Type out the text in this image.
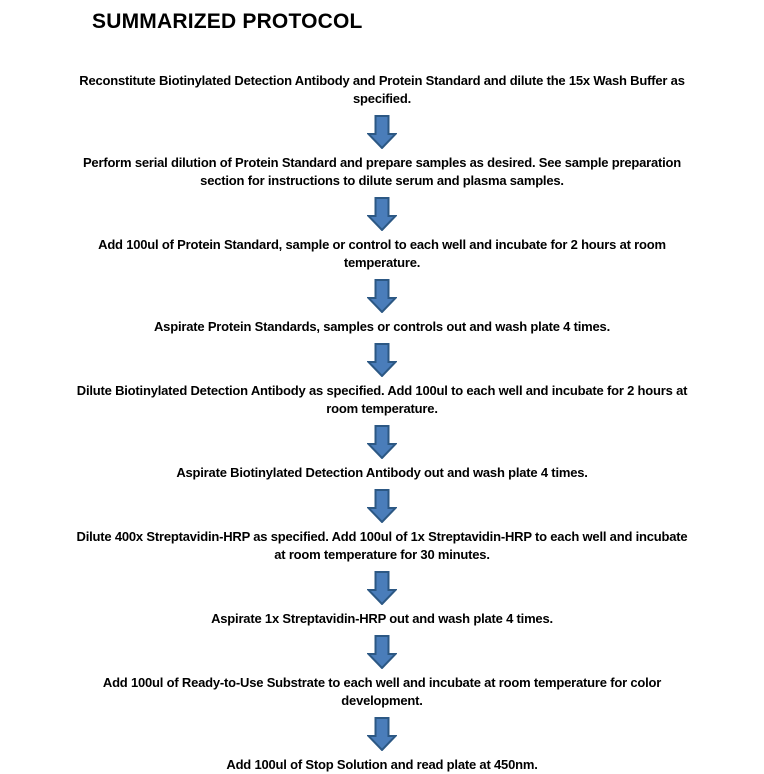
SUMMARIZED PROTOCOL

Reconstitute Biotinylated Detection Antibody and Protein Standard and dilute the 15x Wash Buffer as specified.

Perform serial dilution of Protein Standard and prepare samples as desired. See sample preparation section for instructions to dilute serum and plasma samples.

Add 100ul of Protein Standard, sample or control to each well and incubate for 2 hours at room temperature.

Aspirate Protein Standards, samples or controls out and wash plate 4 times.

Dilute Biotinylated Detection Antibody as specified. Add 100ul to each well and incubate for 2 hours at room temperature.

Aspirate Biotinylated Detection Antibody out and wash plate 4 times.

Dilute 400x Streptavidin-HRP as specified. Add 100ul of 1x Streptavidin-HRP to each well and incubate at room temperature for 30 minutes.

Aspirate 1x Streptavidin-HRP out and wash plate 4 times.

Add 100ul of Ready-to-Use Substrate to each well and incubate at room temperature for color development.

Add 100ul of Stop Solution and read plate at 450nm.
